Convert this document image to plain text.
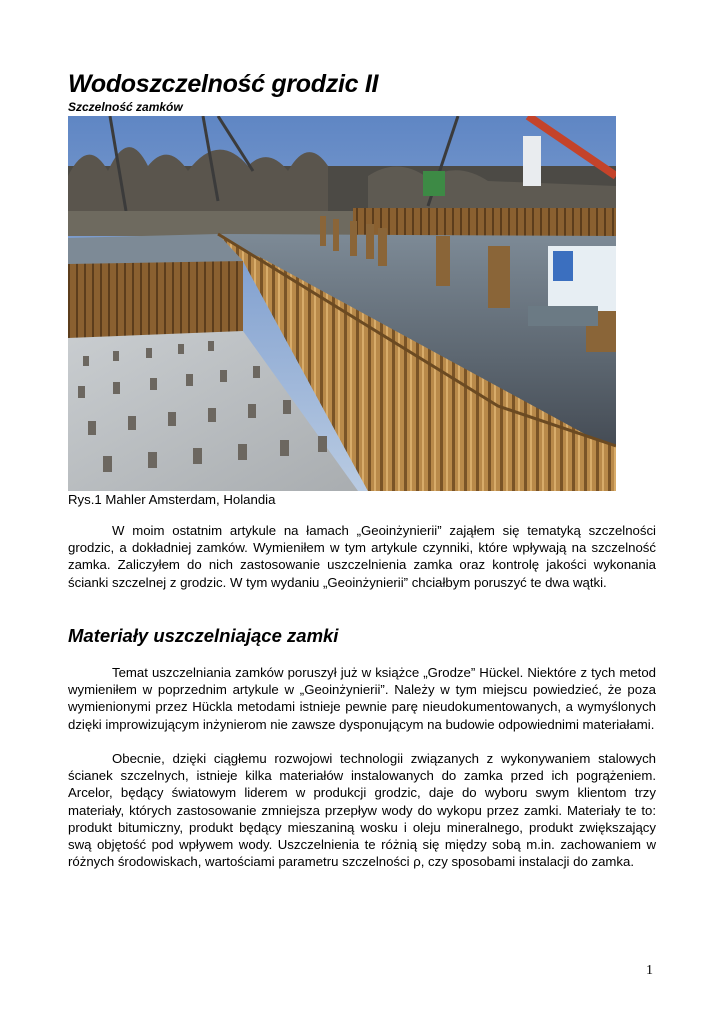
Wodoszczelność grodzic II
Szczelność zamków
Rys.1 Mahler Amsterdam, Holandia

W moim ostatnim artykule na łamach „Geoinżynierii” zająłem się tematyką szczelności grodzic, a dokładniej zamków. Wymieniłem w tym artykule czynniki, które wpływają na szczelność zamka. Zaliczyłem do nich zastosowanie uszczelnienia zamka oraz kontrolę jakości wykonania ścianki szczelnej z grodzic. W tym wydaniu „Geoinżynierii” chciałbym poruszyć te dwa wątki.

Materiały uszczelniające zamki

Temat uszczelniania zamków poruszył już w książce „Grodze” Hückel. Niektóre z tych metod wymieniłem w poprzednim artykule w „Geoinżynierii”. Należy w tym miejscu powiedzieć, że poza wymienionymi przez Hückla metodami istnieje pewnie parę nieudokumentowanych, a wymyślonych dzięki improwizującym inżynierom nie zawsze dysponującym na budowie odpowiednimi materiałami.

Obecnie, dzięki ciągłemu rozwojowi technologii związanych z wykonywaniem stalowych ścianek szczelnych, istnieje kilka materiałów instalowanych do zamka przed ich pogrążeniem. Arcelor, będący światowym liderem w produkcji grodzic, daje do wyboru swym klientom trzy materiały, których zastosowanie zmniejsza przepływ wody do wykopu przez zamki. Materiały te to: produkt bitumiczny, produkt będący mieszaniną wosku i oleju mineralnego, produkt zwiększający swą objętość pod wpływem wody. Uszczelnienia te różnią się między sobą m.in. zachowaniem w różnych środowiskach, wartościami parametru szczelności ρ, czy sposobami instalacji do zamka.

1
